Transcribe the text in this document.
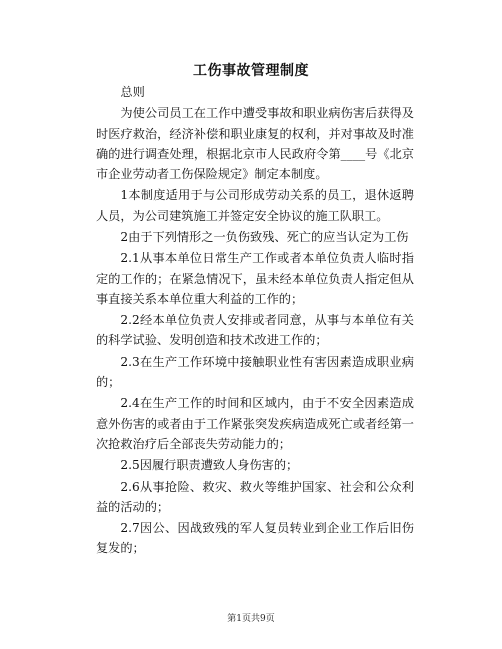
工伤事故管理制度

总则

为使公司员工在工作中遭受事故和职业病伤害后获得及时医疗救治，经济补偿和职业康复的权利，并对事故及时准确的进行调查处理，根据北京市人民政府令第____号《北京市企业劳动者工伤保险规定》制定本制度。

1本制度适用于与公司形成劳动关系的员工，退休返聘人员，为公司建筑施工并签定安全协议的施工队职工。

2由于下列情形之一负伤致残、死亡的应当认定为工伤

2.1从事本单位日常生产工作或者本单位负责人临时指定的工作的；在紧急情况下，虽未经本单位负责人指定但从事直接关系本单位重大利益的工作的；

2.2经本单位负责人安排或者同意，从事与本单位有关的科学试验、发明创造和技术改进工作的；

2.3在生产工作环境中接触职业性有害因素造成职业病的；

2.4在生产工作的时间和区域内，由于不安全因素造成意外伤害的或者由于工作紧张突发疾病造成死亡或者经第一次抢救治疗后全部丧失劳动能力的；

2.5因履行职责遭致人身伤害的；

2.6从事抢险、救灾、救火等维护国家、社会和公众利益的活动的；

2.7因公、因战致残的军人复员转业到企业工作后旧伤复发的；

第1页共9页
